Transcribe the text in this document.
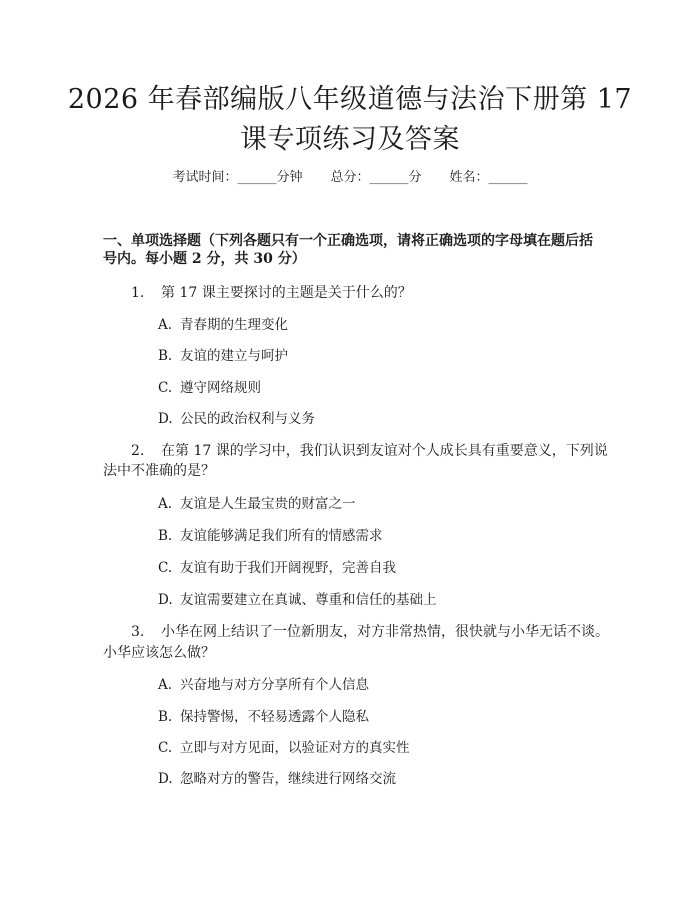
2026 年春部编版八年级道德与法治下册第 17
课专项练习及答案
考试时间：______分钟 总分：______分 姓名：______
一、单项选择题（下列各题只有一个正确选项，请将正确选项的字母填在题后括
号内。每小题 2 分，共 30 分）
1. 第 17 课主要探讨的主题是关于什么的？
A. 青春期的生理变化
B. 友谊的建立与呵护
C. 遵守网络规则
D. 公民的政治权利与义务
2. 在第 17 课的学习中，我们认识到友谊对个人成长具有重要意义，下列说
法中不准确的是？
A. 友谊是人生最宝贵的财富之一
B. 友谊能够满足我们所有的情感需求
C. 友谊有助于我们开阔视野，完善自我
D. 友谊需要建立在真诚、尊重和信任的基础上
3. 小华在网上结识了一位新朋友，对方非常热情，很快就与小华无话不谈。
小华应该怎么做？
A. 兴奋地与对方分享所有个人信息
B. 保持警惕，不轻易透露个人隐私
C. 立即与对方见面，以验证对方的真实性
D. 忽略对方的警告，继续进行网络交流
